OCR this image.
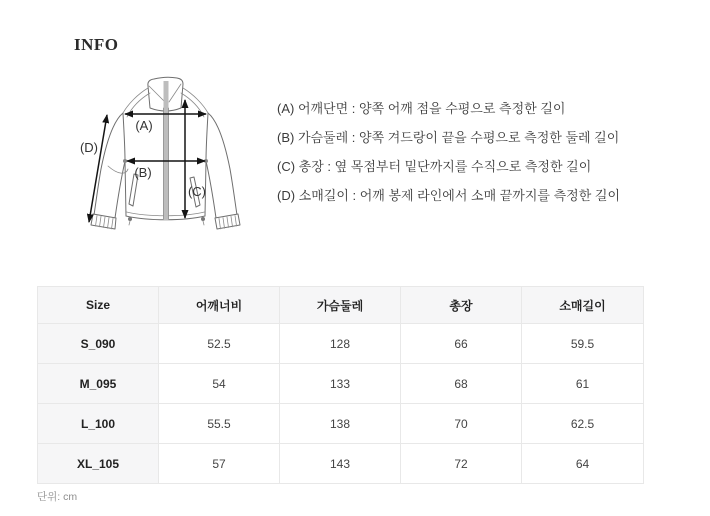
INFO
(A)
(B)
(C)
(D)
(A) 어깨단면 : 양쪽 어깨 점을 수평으로 측정한 길이
(B) 가슴둘레 : 양쪽 겨드랑이 끝을 수평으로 측정한 둘레 길이
(C) 총장 : 옆 목점부터 밑단까지를 수직으로 측정한 길이
(D) 소매길이 : 어깨 봉제 라인에서 소매 끝까지를 측정한 길이
Size	어깨너비	가슴둘레	총장	소매길이
S_090	52.5	128	66	59.5
M_095	54	133	68	61
L_100	55.5	138	70	62.5
XL_105	57	143	72	64
단위: cm
